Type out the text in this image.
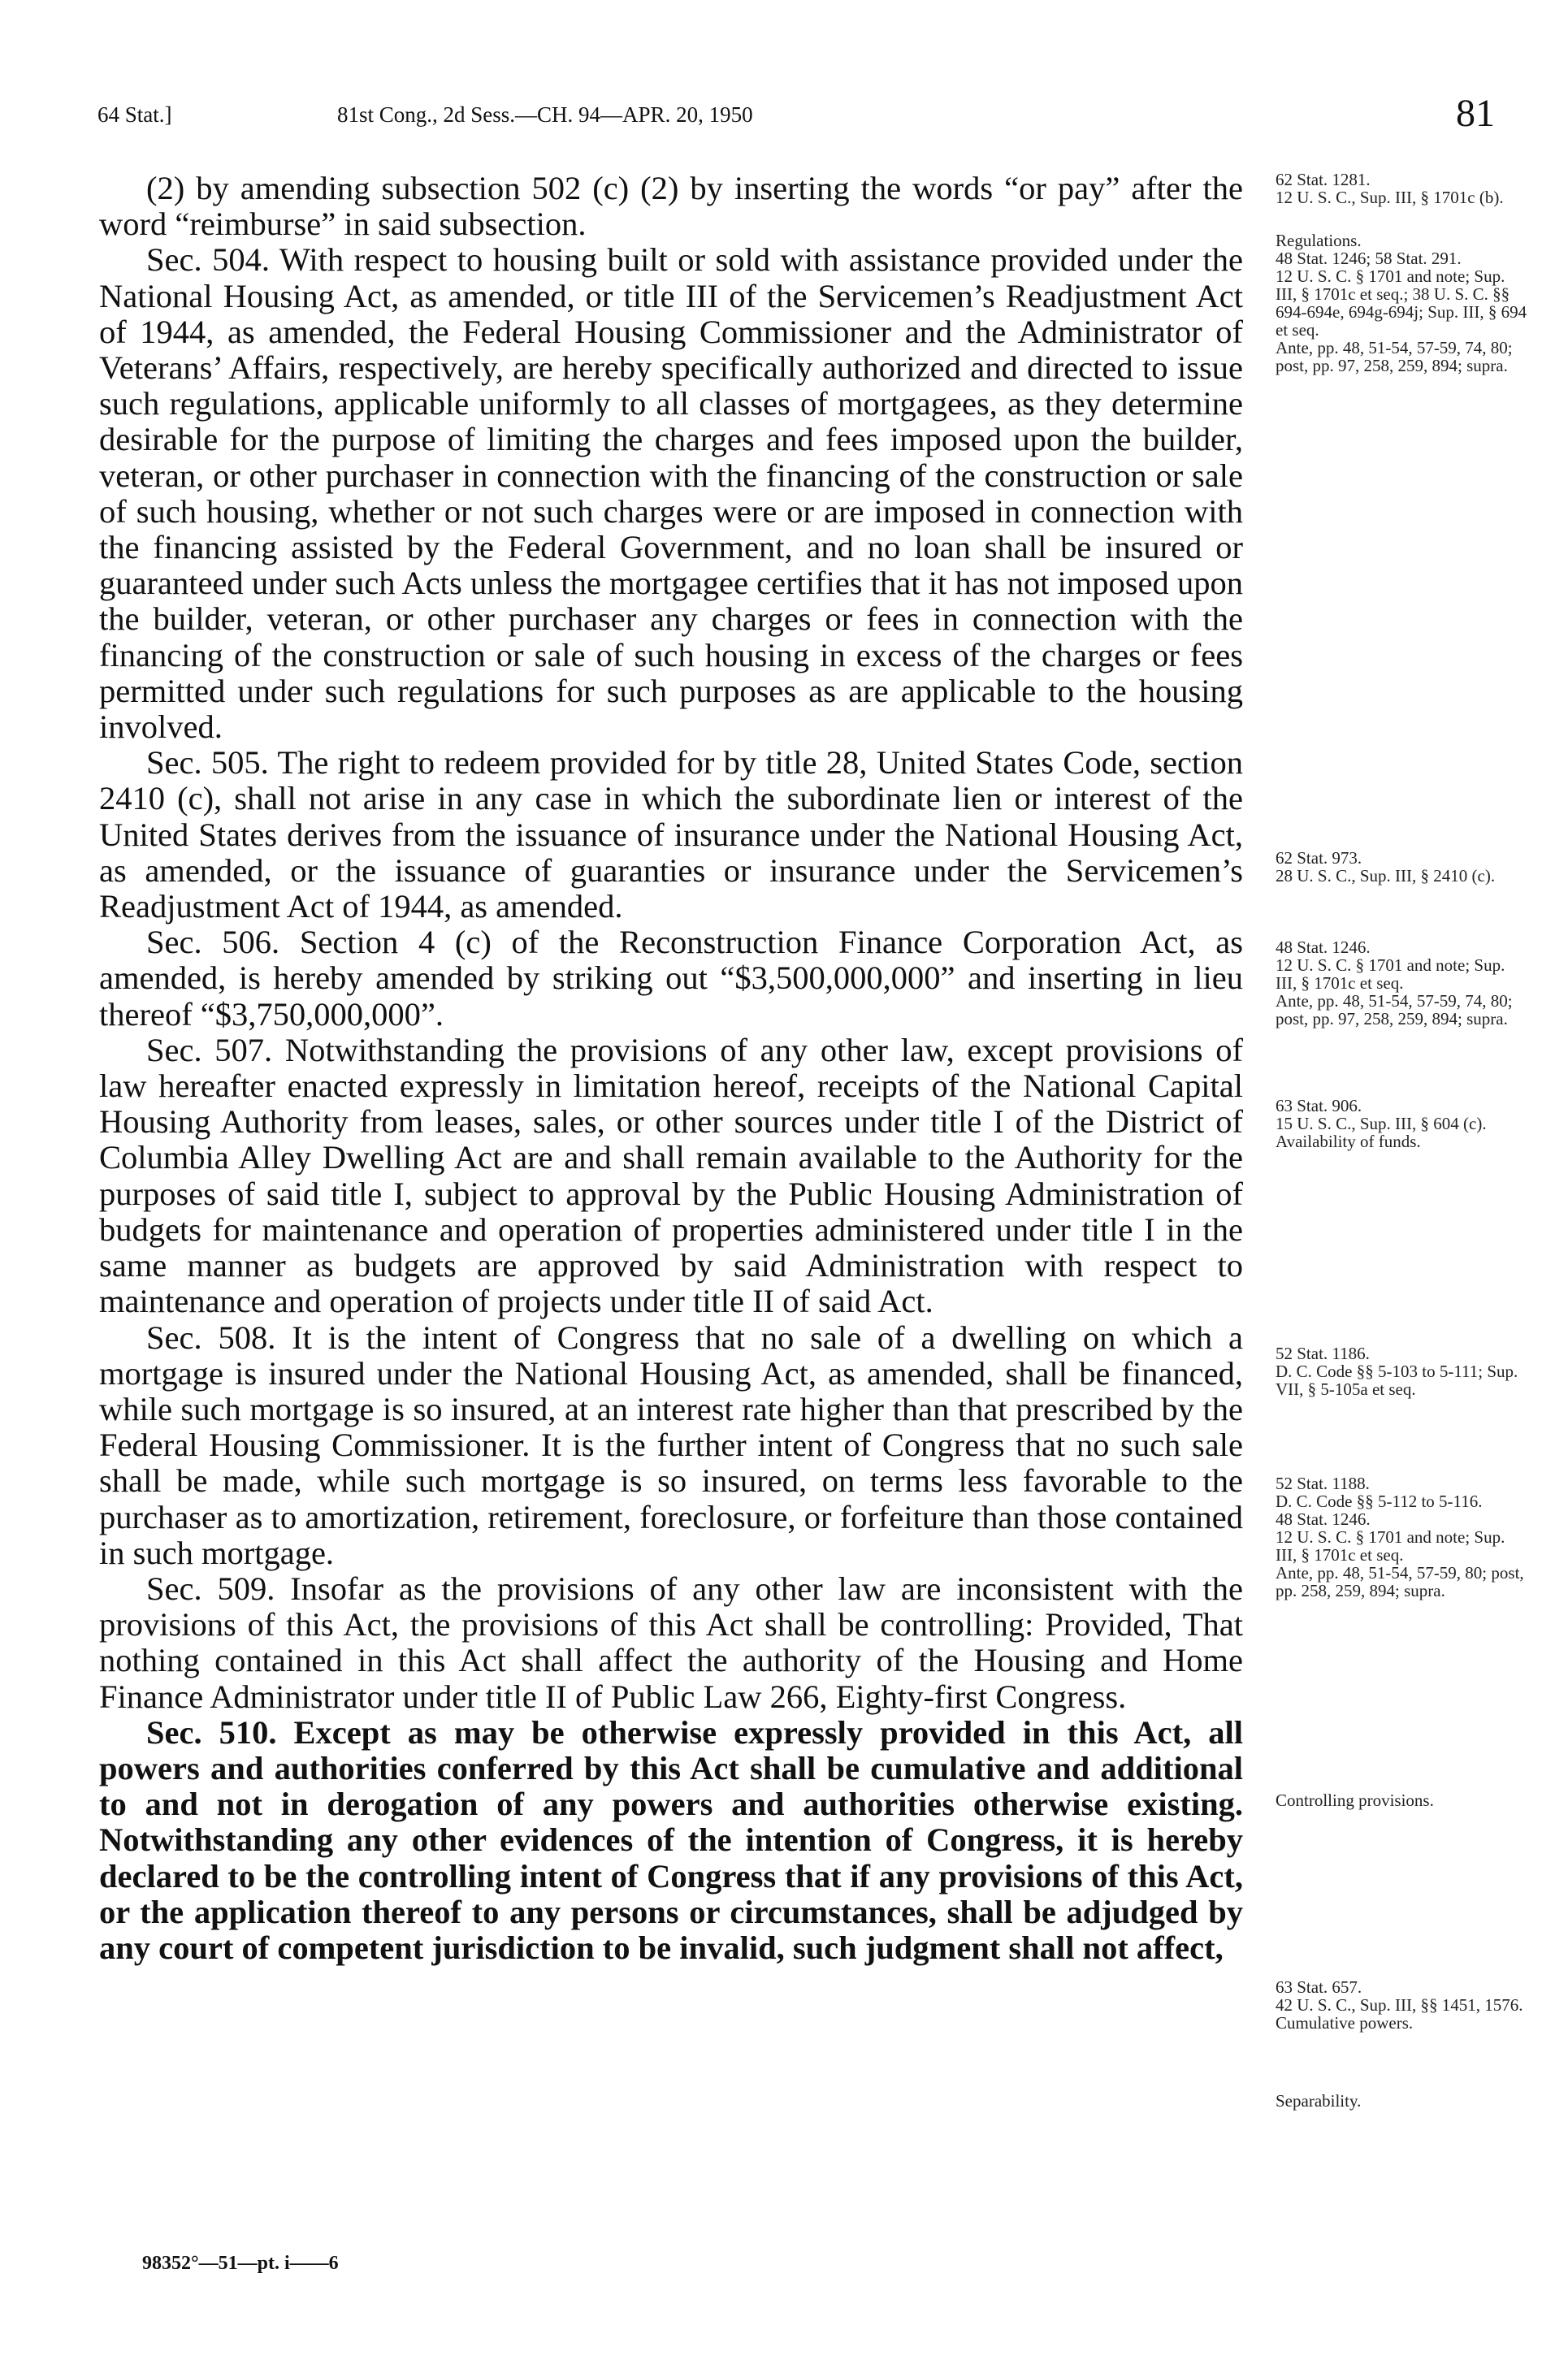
64 Stat.]	81st Cong., 2d Sess.—CH. 94—APR. 20, 1950	81

(2) by amending subsection 502 (c) (2) by inserting the words “or pay” after the word “reimburse” in said subsection.

Sec. 504. With respect to housing built or sold with assistance provided under the National Housing Act, as amended, or title III of the Servicemen’s Readjustment Act of 1944, as amended, the Federal Housing Commissioner and the Administrator of Veterans’ Affairs, respectively, are hereby specifically authorized and directed to issue such regulations, applicable uniformly to all classes of mortgagees, as they determine desirable for the purpose of limiting the charges and fees imposed upon the builder, veteran, or other purchaser in connection with the financing of the construction or sale of such housing, whether or not such charges were or are imposed in connection with the financing assisted by the Federal Government, and no loan shall be insured or guaranteed under such Acts unless the mortgagee certifies that it has not imposed upon the builder, veteran, or other purchaser any charges or fees in connection with the financing of the construction or sale of such housing in excess of the charges or fees permitted under such regulations for such purposes as are applicable to the housing involved.

Sec. 505. The right to redeem provided for by title 28, United States Code, section 2410 (c), shall not arise in any case in which the subordinate lien or interest of the United States derives from the issuance of insurance under the National Housing Act, as amended, or the issuance of guaranties or insurance under the Servicemen’s Readjustment Act of 1944, as amended.

Sec. 506. Section 4 (c) of the Reconstruction Finance Corporation Act, as amended, is hereby amended by striking out “$3,500,000,000” and inserting in lieu thereof “$3,750,000,000”.

Sec. 507. Notwithstanding the provisions of any other law, except provisions of law hereafter enacted expressly in limitation hereof, receipts of the National Capital Housing Authority from leases, sales, or other sources under title I of the District of Columbia Alley Dwelling Act are and shall remain available to the Authority for the purposes of said title I, subject to approval by the Public Housing Administration of budgets for maintenance and operation of properties administered under title I in the same manner as budgets are approved by said Administration with respect to maintenance and operation of projects under title II of said Act.

Sec. 508. It is the intent of Congress that no sale of a dwelling on which a mortgage is insured under the National Housing Act, as amended, shall be financed, while such mortgage is so insured, at an interest rate higher than that prescribed by the Federal Housing Commissioner. It is the further intent of Congress that no such sale shall be made, while such mortgage is so insured, on terms less favorable to the purchaser as to amortization, retirement, foreclosure, or forfeiture than those contained in such mortgage.

Sec. 509. Insofar as the provisions of any other law are inconsistent with the provisions of this Act, the provisions of this Act shall be controlling: Provided, That nothing contained in this Act shall affect the authority of the Housing and Home Finance Administrator under title II of Public Law 266, Eighty-first Congress.

Sec. 510. Except as may be otherwise expressly provided in this Act, all powers and authorities conferred by this Act shall be cumulative and additional to and not in derogation of any powers and authorities otherwise existing. Notwithstanding any other evidences of the intention of Congress, it is hereby declared to be the controlling intent of Congress that if any provisions of this Act, or the application thereof to any persons or circumstances, shall be adjudged by any court of competent jurisdiction to be invalid, such judgment shall not affect,

62 Stat. 1281.
12 U. S. C., Sup. III, § 1701c (b).
Regulations.
48 Stat. 1246; 58 Stat. 291.
12 U. S. C. § 1701 and note; Sup. III, § 1701c et seq.; 38 U. S. C. §§ 694-694e, 694g-694j; Sup. III, § 694 et seq.
Ante, pp. 48, 51-54, 57-59, 74, 80; post, pp. 97, 258, 259, 894; supra.
62 Stat. 973.
28 U. S. C., Sup. III, § 2410 (c).
48 Stat. 1246.
12 U. S. C. § 1701 and note; Sup. III, § 1701c et seq.
Ante, pp. 48, 51-54, 57-59, 74, 80; post, pp. 97, 258, 259, 894; supra.
63 Stat. 906.
15 U. S. C., Sup. III, § 604 (c).
Availability of funds.
52 Stat. 1186.
D. C. Code §§ 5-103 to 5-111; Sup. VII, § 5-105a et seq.
52 Stat. 1188.
D. C. Code §§ 5-112 to 5-116.
48 Stat. 1246.
12 U. S. C. § 1701 and note; Sup. III, § 1701c et seq.
Ante, pp. 48, 51-54, 57-59, 80; post, pp. 258, 259, 894; supra.
Controlling provisions.
63 Stat. 657.
42 U. S. C., Sup. III, §§ 1451, 1576.
Cumulative powers.
Separability.
98352°—51—pt. i——6
